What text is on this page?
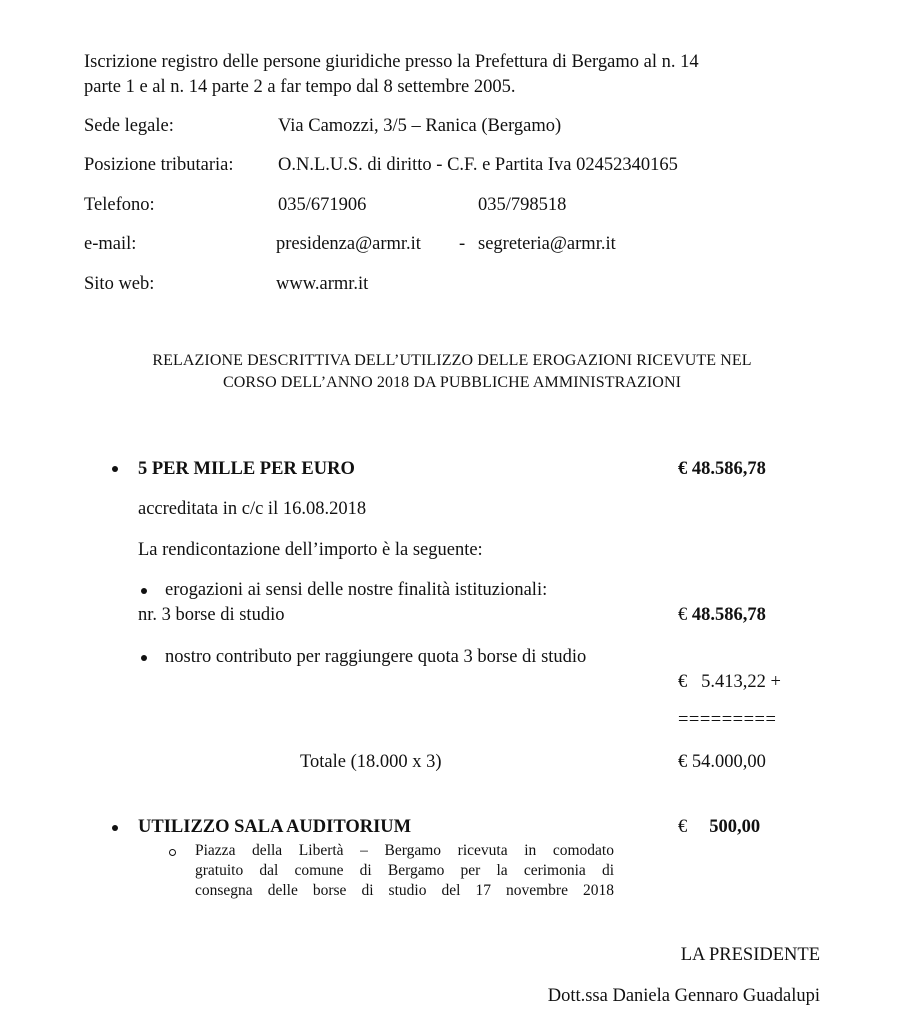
Iscrizione registro delle persone giuridiche presso la Prefettura di Bergamo al n. 14
parte 1 e al n. 14 parte 2 a far tempo dal 8 settembre 2005.
Sede legale:	Via Camozzi, 3/5 – Ranica (Bergamo)
Posizione tributaria: O.N.L.U.S. di diritto - C.F. e Partita Iva 02452340165
Telefono:	035/671906	035/798518
e-mail:	presidenza@armr.it - segreteria@armr.it
Sito web:	www.armr.it
RELAZIONE DESCRITTIVA DELL’UTILIZZO DELLE EROGAZIONI RICEVUTE NEL
CORSO DELL’ANNO 2018 DA PUBBLICHE AMMINISTRAZIONI
5 PER MILLE PER EURO	€ 48.586,78
accreditata in c/c il 16.08.2018
La rendicontazione dell’importo è la seguente:
erogazioni ai sensi delle nostre finalità istituzionali:
nr. 3 borse di studio	€ 48.586,78
nostro contributo per raggiungere quota 3 borse di studio
€   5.413,22 +
=========
Totale (18.000 x 3)	€ 54.000,00
UTILIZZO SALA AUDITORIUM	€ 500,00
Piazza della Libertà – Bergamo ricevuta in comodato
gratuito dal comune di Bergamo per la cerimonia di
consegna delle borse di studio del 17 novembre 2018
LA PRESIDENTE
Dott.ssa Daniela Gennaro Guadalupi
